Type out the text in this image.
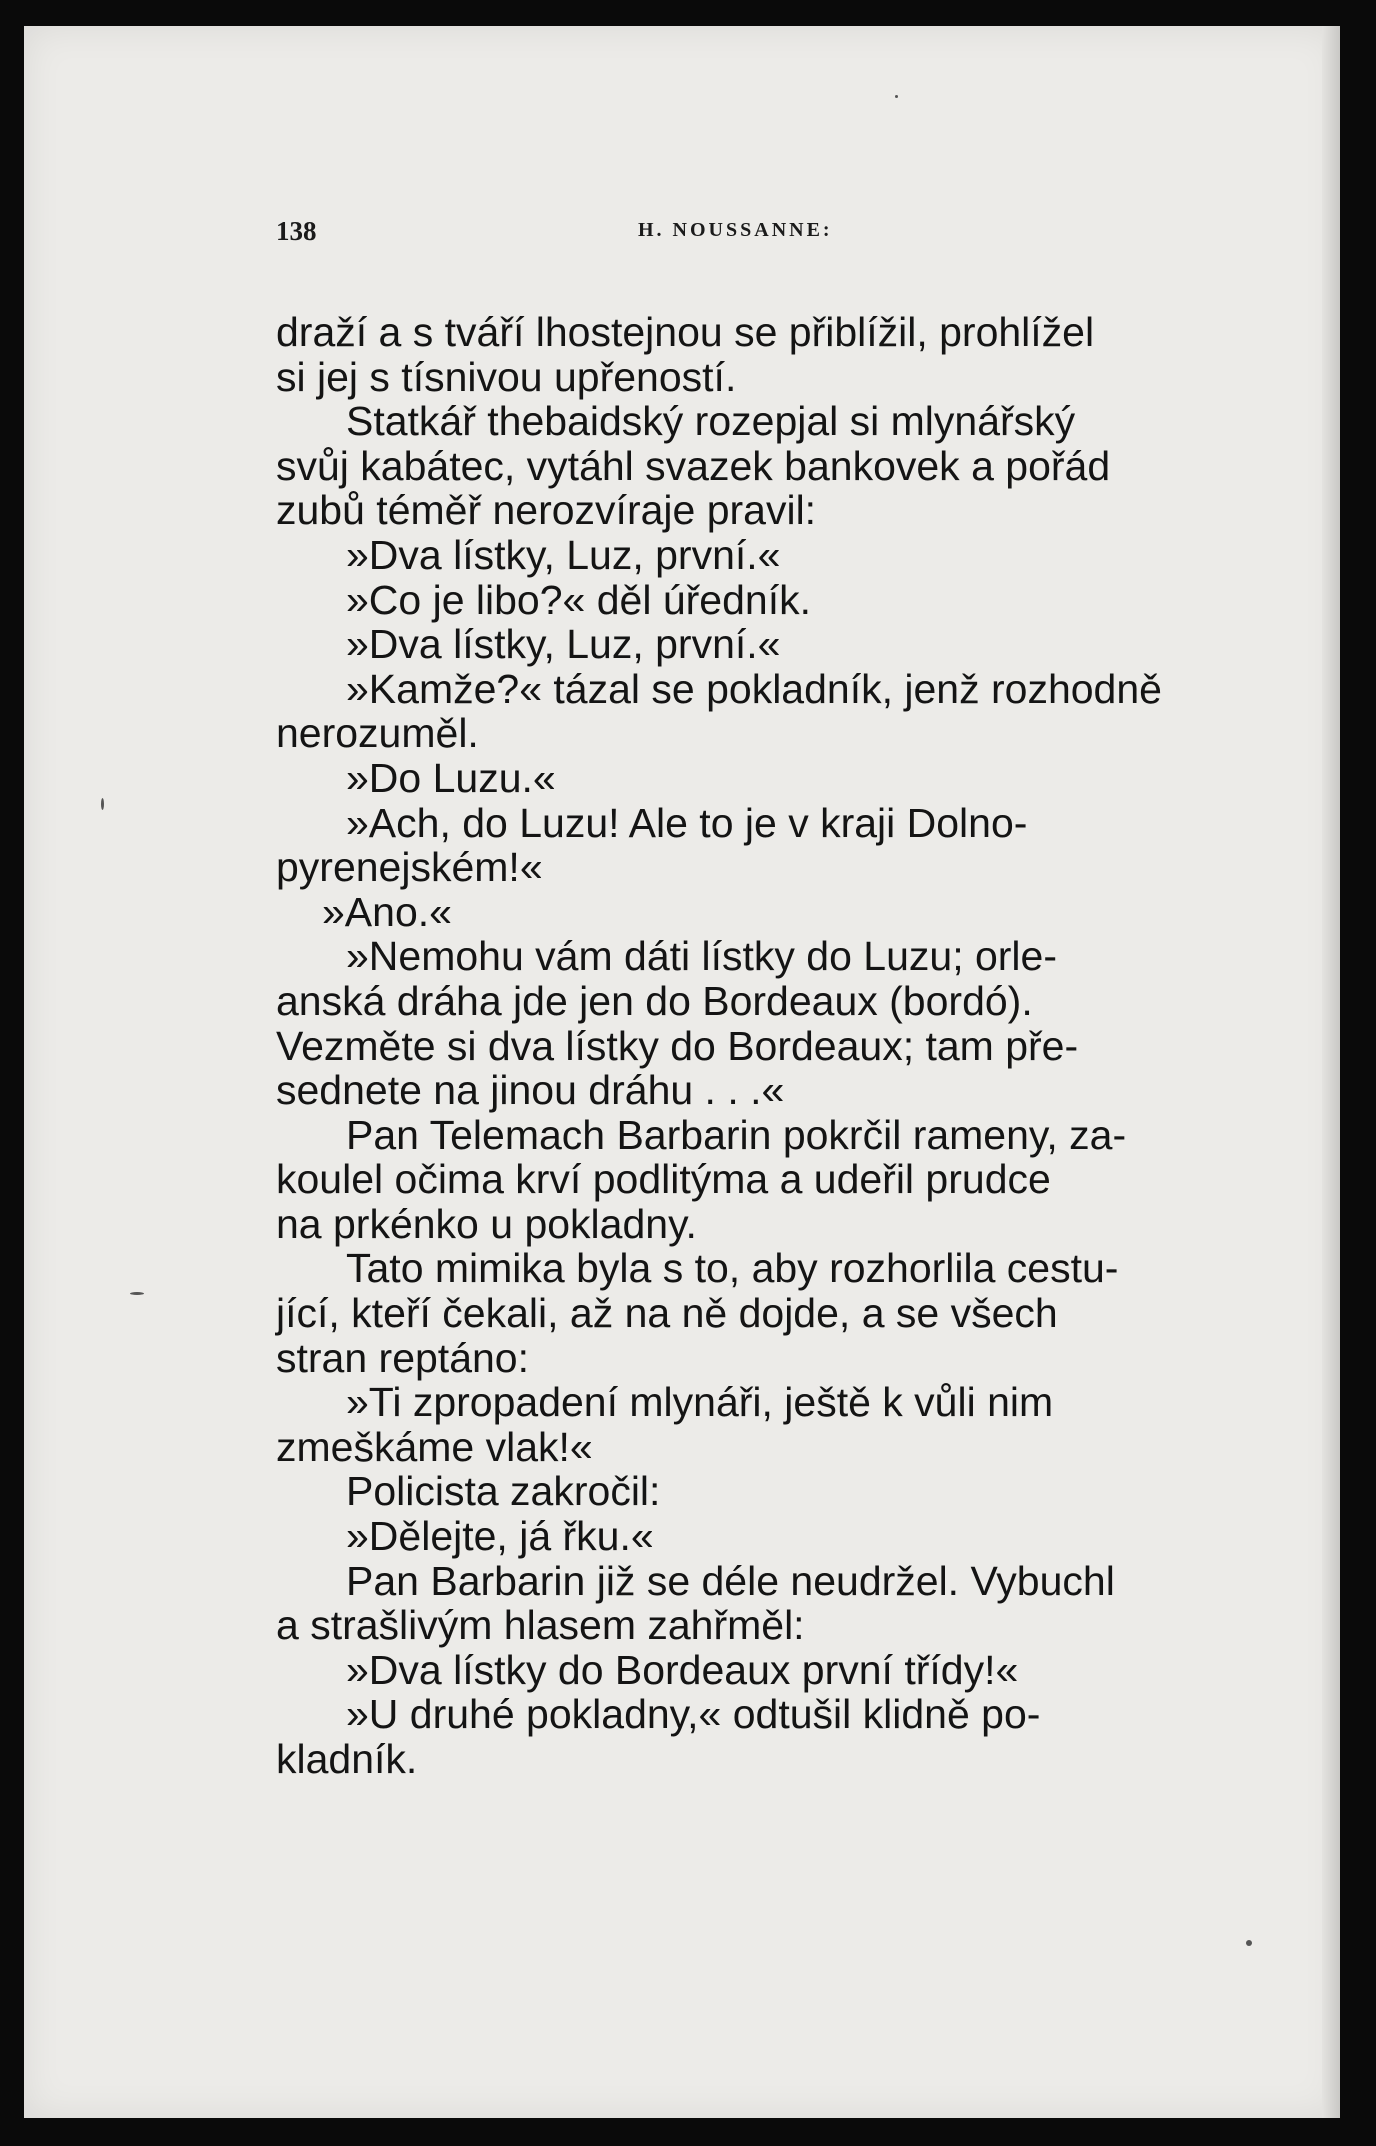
138	H. NOUSSANNE:
draží a s tváří lhostejnou se přiblížil, prohlížel
si jej s tísnivou upřeností.
Statkář thebaidský rozepjal si mlynářský
svůj kabátec, vytáhl svazek bankovek a pořád
zubů téměř nerozvíraje pravil:
»Dva lístky, Luz, první.«
»Co je libo?« děl úředník.
»Dva lístky, Luz, první.«
»Kamže?« tázal se pokladník, jenž rozhodně
nerozuměl.
»Do Luzu.«
»Ach, do Luzu! Ale to je v kraji Dolno-
pyrenejském!«
»Ano.«
»Nemohu vám dáti lístky do Luzu; orle-
anská dráha jde jen do Bordeaux (bordó).
Vezměte si dva lístky do Bordeaux; tam pře-
sednete na jinou dráhu . . .«
Pan Telemach Barbarin pokrčil rameny, za-
koulel očima krví podlitýma a udeřil prudce
na prkénko u pokladny.
Tato mimika byla s to, aby rozhorlila cestu-
jící, kteří čekali, až na ně dojde, a se všech
stran reptáno:
»Ti zpropadení mlynáři, ještě k vůli nim
zmeškáme vlak!«
Policista zakročil:
»Dělejte, já řku.«
Pan Barbarin již se déle neudržel. Vybuchl
a strašlivým hlasem zahřměl:
»Dva lístky do Bordeaux první třídy!«
»U druhé pokladny,« odtušil klidně po-
kladník.
